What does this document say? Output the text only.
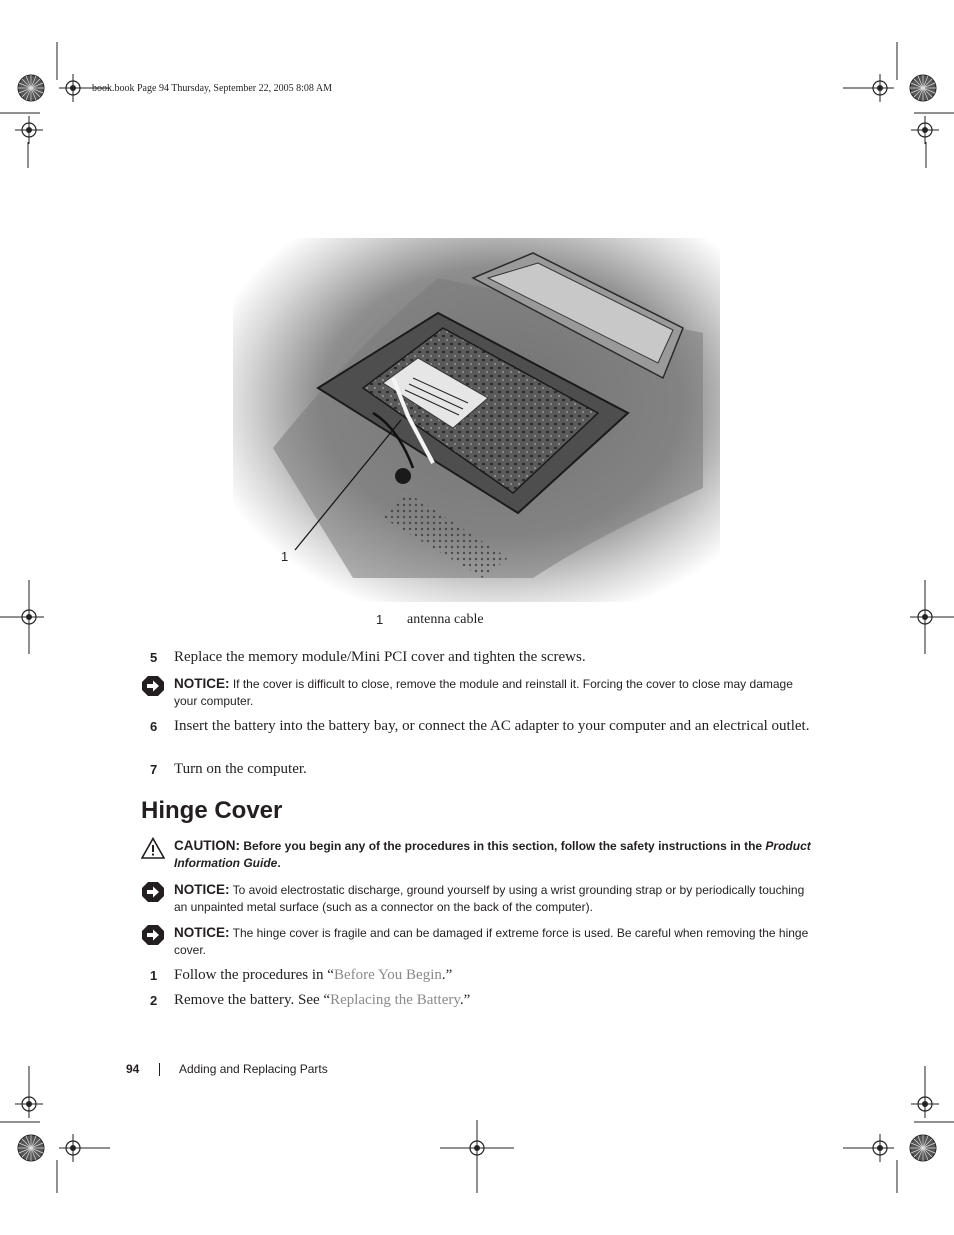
book.book Page 94 Thursday, September 22, 2005 8:08 AM
1
1 antenna cable
5 Replace the memory module/Mini PCI cover and tighten the screws.
NOTICE: If the cover is difficult to close, remove the module and reinstall it. Forcing the cover to close may damage your computer.
6 Insert the battery into the battery bay, or connect the AC adapter to your computer and an electrical outlet.
7 Turn on the computer.
Hinge Cover
CAUTION: Before you begin any of the procedures in this section, follow the safety instructions in the Product Information Guide.
NOTICE: To avoid electrostatic discharge, ground yourself by using a wrist grounding strap or by periodically touching an unpainted metal surface (such as a connector on the back of the computer).
NOTICE: The hinge cover is fragile and can be damaged if extreme force is used. Be careful when removing the hinge cover.
1 Follow the procedures in “Before You Begin.”
2 Remove the battery. See “Replacing the Battery.”
94	Adding and Replacing Parts
